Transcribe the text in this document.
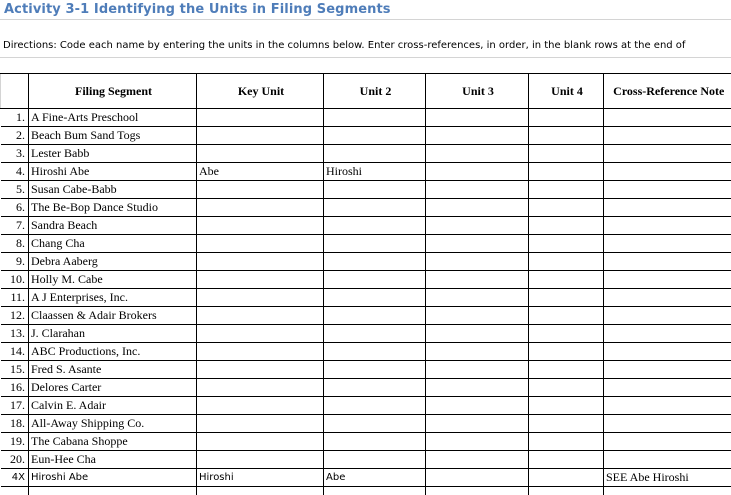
Activity 3-1 Identifying the Units in Filing Segments
Directions: Code each name by entering the units in the columns below. Enter cross-references, in order, in the blank rows at the end of
	Filing Segment	Key Unit	Unit 2	Unit 3	Unit 4	Cross-Reference Note
1.	A Fine-Arts Preschool					
2.	Beach Bum Sand Togs					
3.	Lester Babb					
4.	Hiroshi Abe	Abe	Hiroshi			
5.	Susan Cabe-Babb					
6.	The Be-Bop Dance Studio					
7.	Sandra Beach					
8.	Chang Cha					
9.	Debra Aaberg					
10.	Holly M. Cabe					
11.	A J Enterprises, Inc.					
12.	Claassen & Adair Brokers					
13.	J. Clarahan					
14.	ABC Productions, Inc.					
15.	Fred S. Asante					
16.	Delores Carter					
17.	Calvin E. Adair					
18.	All-Away Shipping Co.					
19.	The Cabana Shoppe					
20.	Eun-Hee Cha					
4X	Hiroshi Abe	Hiroshi	Abe			SEE Abe Hiroshi
